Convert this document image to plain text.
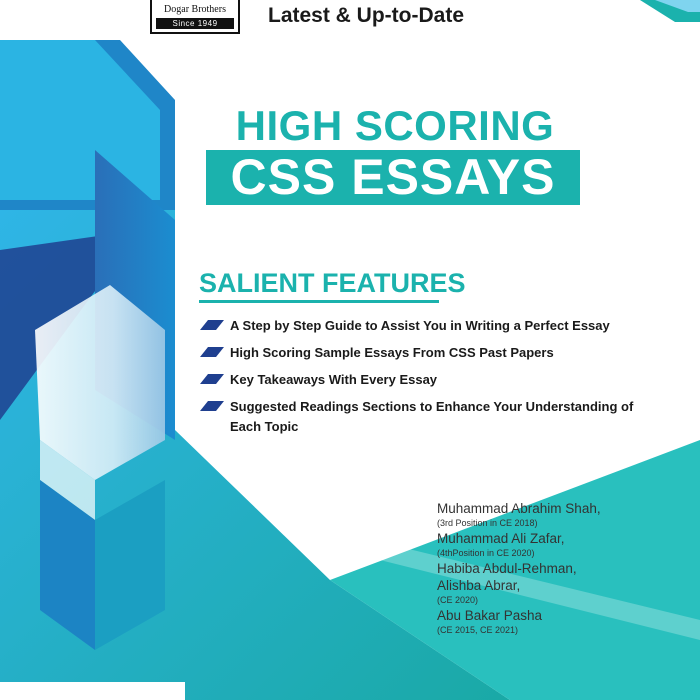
Dogar Brothers
Since 1949	Latest & Up-to-Date
HIGH SCORING
CSS ESSAYS
SALIENT FEATURES
A Step by Step Guide to Assist You in Writing a Perfect Essay
High Scoring Sample Essays From CSS Past Papers
Key Takeaways With Every Essay
Suggested Readings Sections to Enhance Your Understanding of Each Topic
Muhammad Abrahim Shah,
(3rd Position in CE 2018)
Muhammad Ali Zafar,
(4thPosition in CE 2020)
Habiba Abdul-Rehman,
Alishba Abrar,
(CE 2020)
Abu Bakar Pasha
(CE 2015, CE 2021)
